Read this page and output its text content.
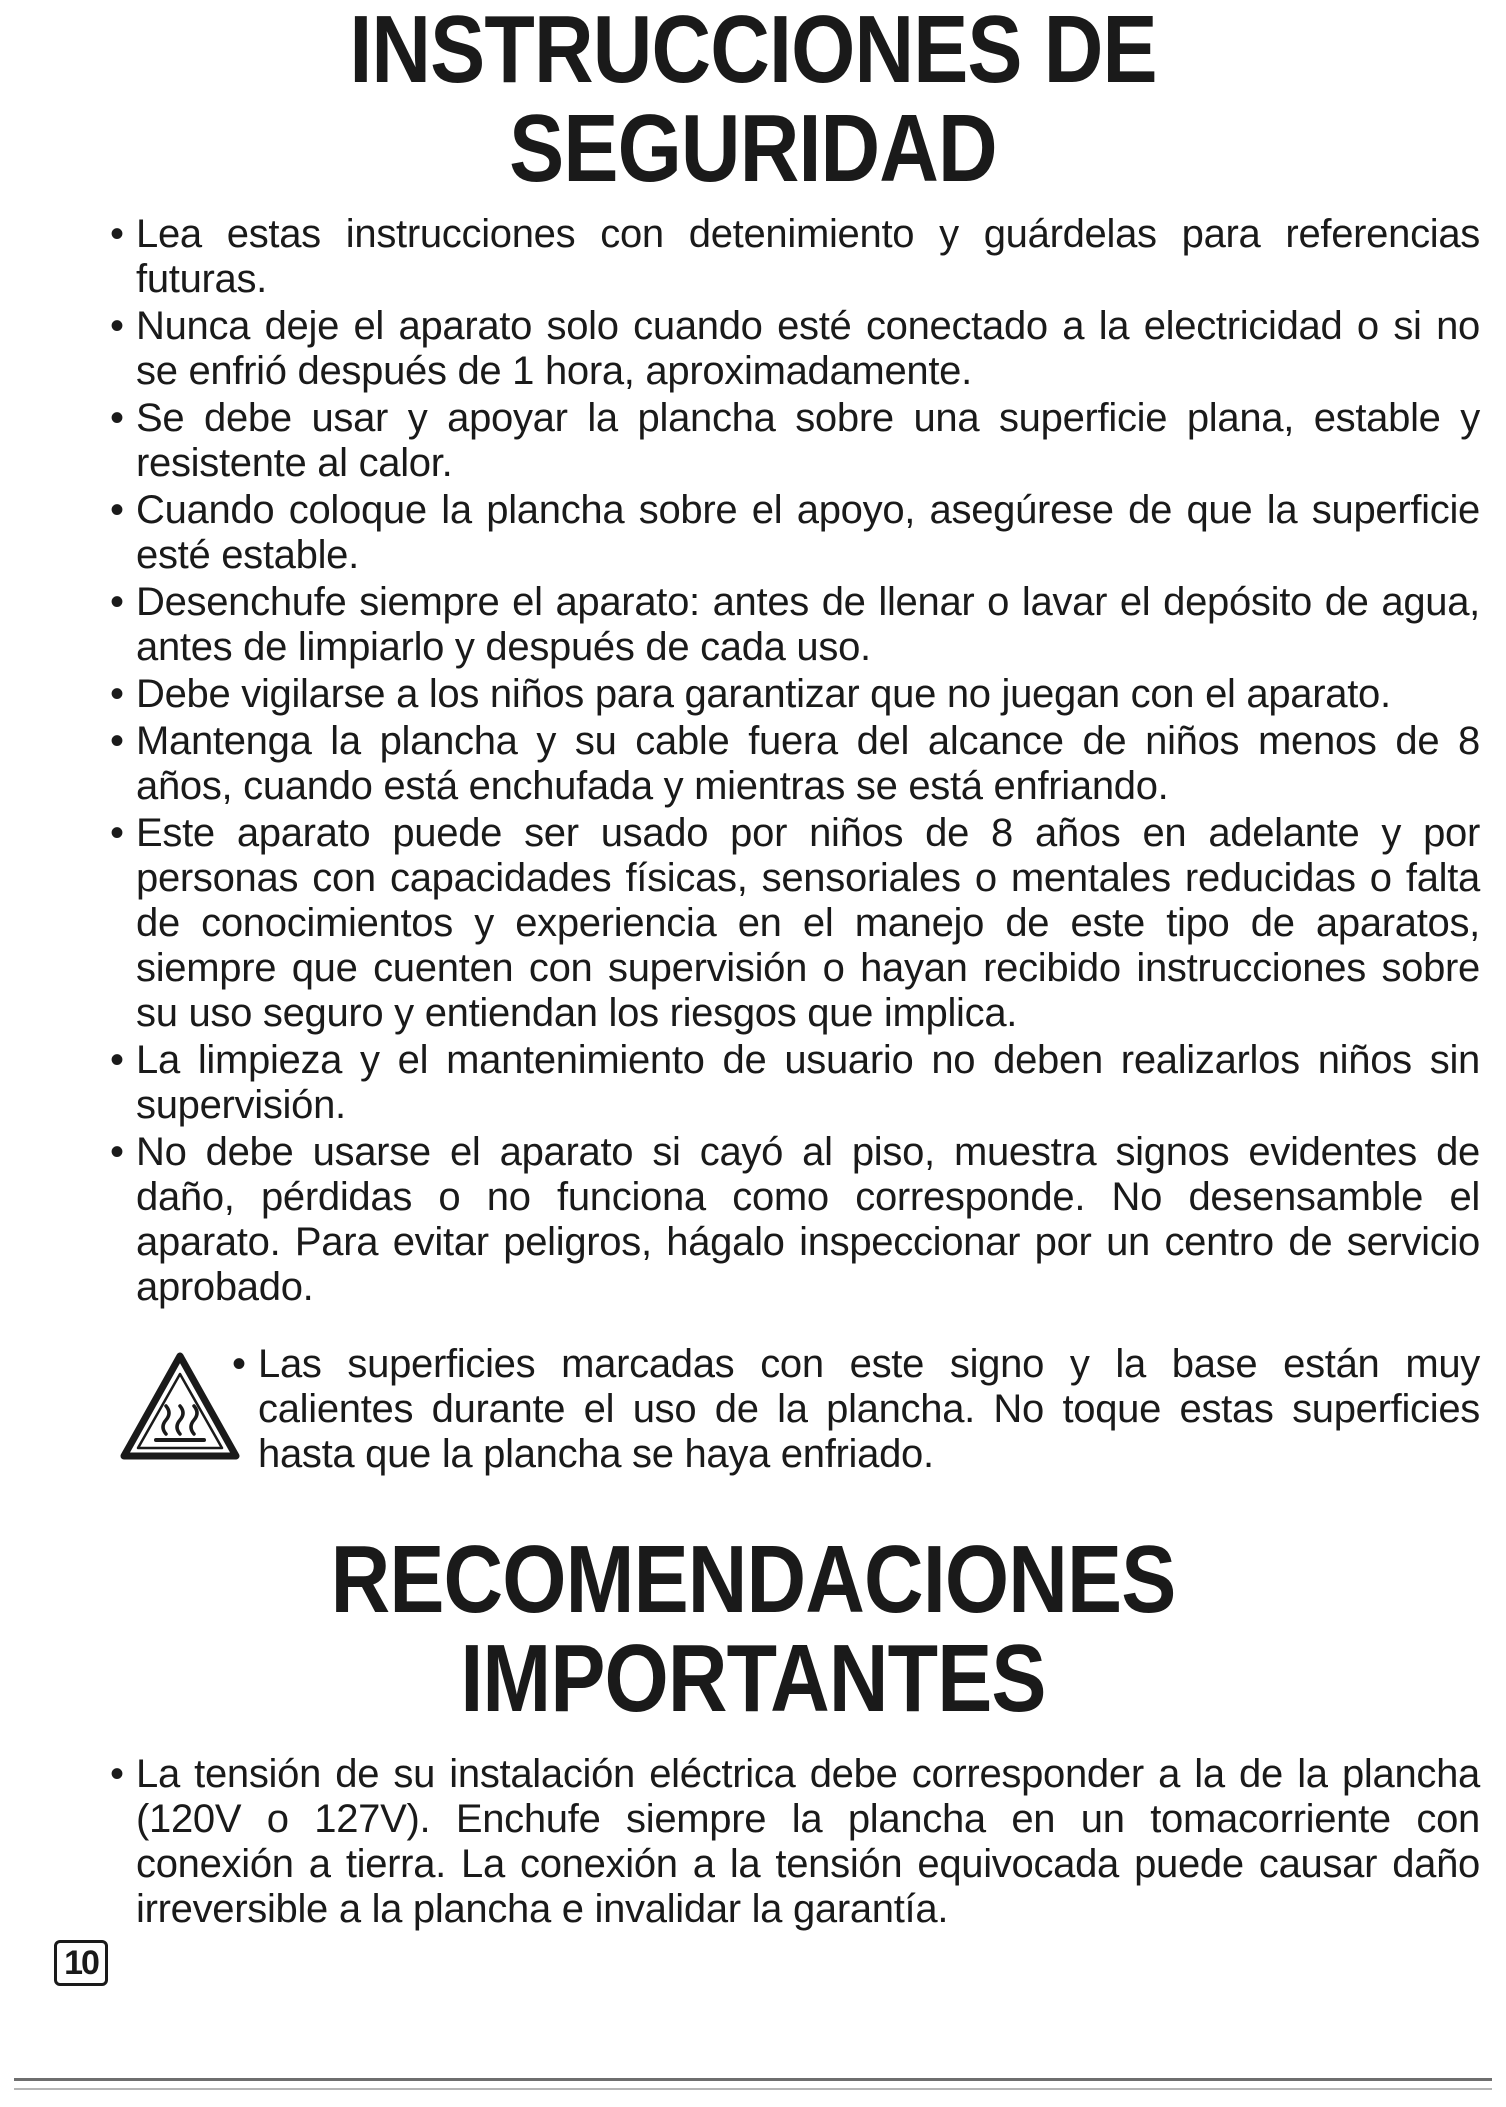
INSTRUCCIONES DE
SEGURIDAD
• Lea estas instrucciones con detenimiento y guárdelas para referencias futuras.
• Nunca deje el aparato solo cuando esté conectado a la electricidad o si no se enfrió después de 1 hora, aproximadamente.
• Se debe usar y apoyar la plancha sobre una superficie plana, estable y resistente al calor.
• Cuando coloque la plancha sobre el apoyo, asegúrese de que la superficie esté estable.
• Desenchufe siempre el aparato: antes de llenar o lavar el depósito de agua, antes de limpiarlo y después de cada uso.
• Debe vigilarse a los niños para garantizar que no juegan con el aparato.
• Mantenga la plancha y su cable fuera del alcance de niños menos de 8 años, cuando está enchufada y mientras se está enfriando.
• Este aparato puede ser usado por niños de 8 años en adelante y por personas con capacidades físicas, sensoriales o mentales reducidas o falta de conocimientos y experiencia en el manejo de este tipo de aparatos, siempre que cuenten con supervisión o hayan recibido instrucciones sobre su uso seguro y entiendan los riesgos que implica.
• La limpieza y el mantenimiento de usuario no deben realizarlos niños sin supervisión.
• No debe usarse el aparato si cayó al piso, muestra signos evidentes de daño, pérdidas o no funciona como corresponde. No desensamble el aparato. Para evitar peligros, hágalo inspeccionar por un centro de servicio aprobado.
• Las superficies marcadas con este signo y la base están muy calientes durante el uso de la plancha. No toque estas superficies hasta que la plancha se haya enfriado.
RECOMENDACIONES
IMPORTANTES
• La tensión de su instalación eléctrica debe corresponder a la de la plancha (120V o 127V). Enchufe siempre la plancha en un tomacorriente con conexión a tierra. La conexión a la tensión equivocada puede causar daño irreversible a la plancha e invalidar la garantía.
10
